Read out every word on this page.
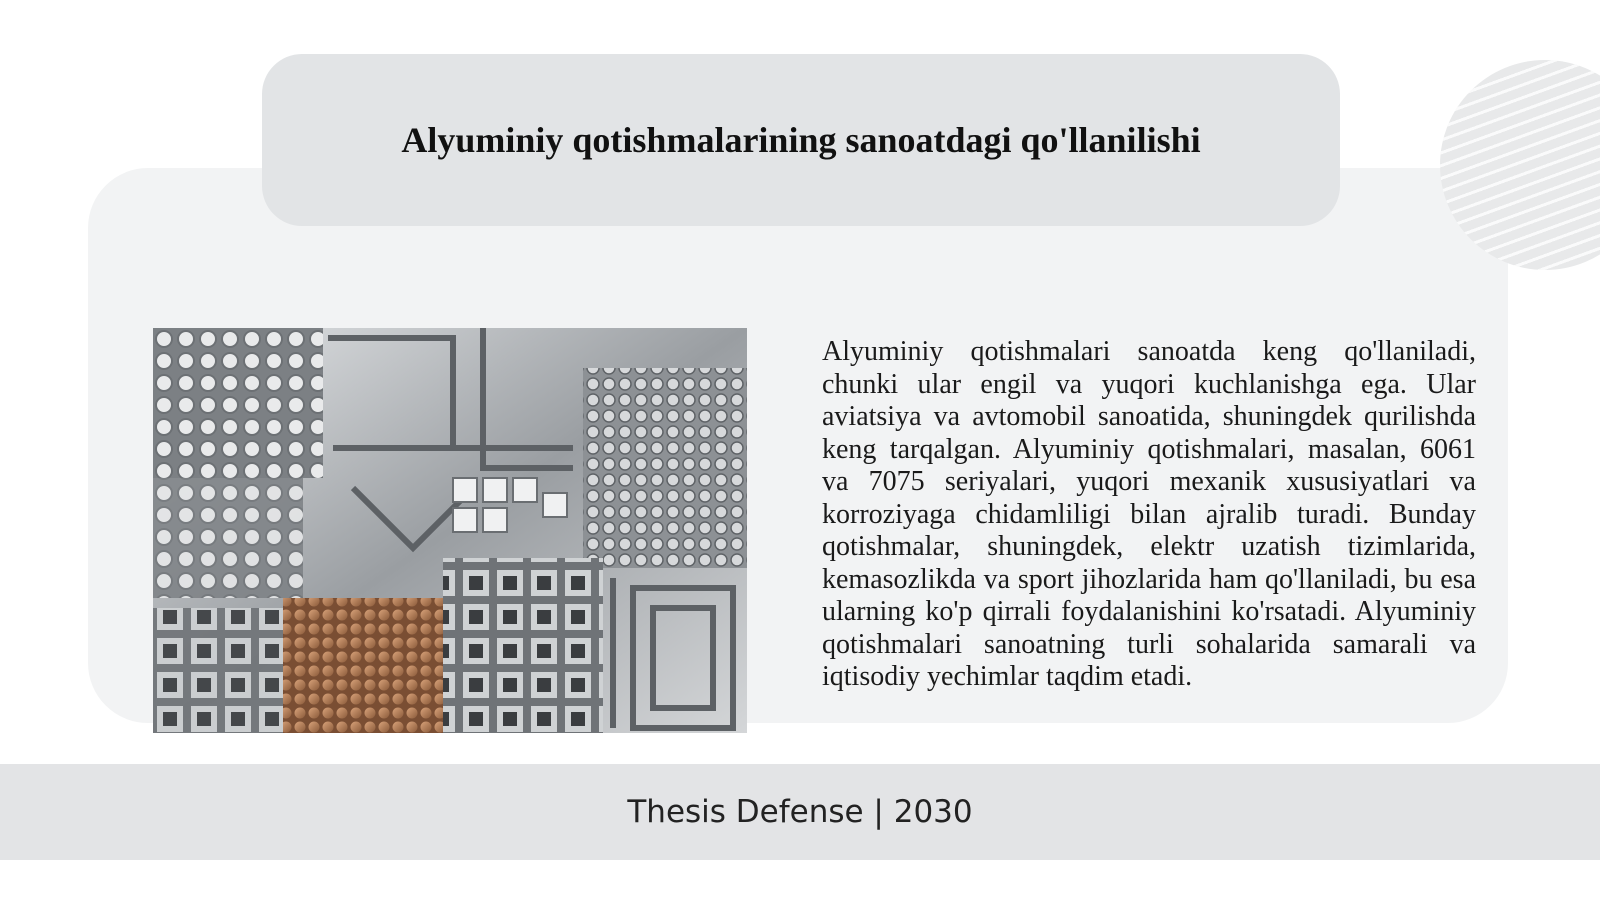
Alyuminiy qotishmalarining sanoatdagi qo'llanilishi

Alyuminiy qotishmalari sanoatda keng qo'llaniladi, chunki ular engil va yuqori kuchlanishga ega. Ular aviatsiya va avtomobil sanoatida, shuningdek qurilishda keng tarqalgan. Alyuminiy qotishmalari, masalan, 6061 va 7075 seriyalari, yuqori mexanik xususiyatlari va korroziyaga chidamliligi bilan ajralib turadi. Bunday qotishmalar, shuningdek, elektr uzatish tizimlarida, kemasozlikda va sport jihozlarida ham qo'llaniladi, bu esa ularning ko'p qirrali foydalanishini ko'rsatadi. Alyuminiy qotishmalari sanoatning turli sohalarida samarali va iqtisodiy yechimlar taqdim etadi.

Thesis Defense | 2030
